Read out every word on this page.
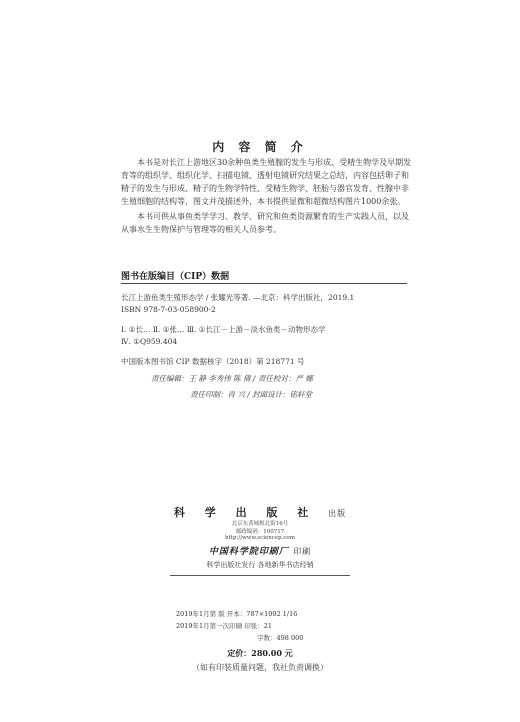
内 容 简 介
本书是对长江上游地区30余种鱼类生殖腺的发生与形成、受精生物学及早期发育等的组织学、组织化学、扫描电镜、透射电镜研究结果之总结，内容包括卵子和精子的发生与形成、精子的生物学特性、受精生物学、胚胎与器官发育、性腺中非生殖细胞的结构等，图文并茂描述外，本书提供显微和超微结构图片1000余张。
本书可供从事鱼类学学习、教学、研究和鱼类资源繁育的生产实践人员，以及从事水生生物保护与管理等的相关人员参考。
图书在版编目（CIP）数据
长江上游鱼类生殖形态学 / 张耀光等著. —北京：科学出版社，2019.1
ISBN 978-7-03-058900-2
Ⅰ. ①长… Ⅱ. ①张… Ⅲ. ①长江－上游－淡水鱼类－动物形态学
Ⅳ. ①Q959.404
中国版本图书馆 CIP 数据核字（2018）第 218771 号
责任编辑：王 静 李秀伟 陈 倩 / 责任校对：严 娜
责任印制：肖 兴 / 封面设计：铭轩堂
科 学 出 版 社 出版
北京东黄城根北街16号
邮政编码：100717
http://www.sciencep.com
中国科学院印刷厂 印刷
科学出版社发行 各地新华书店经销
2019年1月第 版 开本：787×1092 1/16
2019年1月第一次印刷 印张：21
字数：498 000
定价：280.00 元
（如有印装质量问题，我社负责调换）
